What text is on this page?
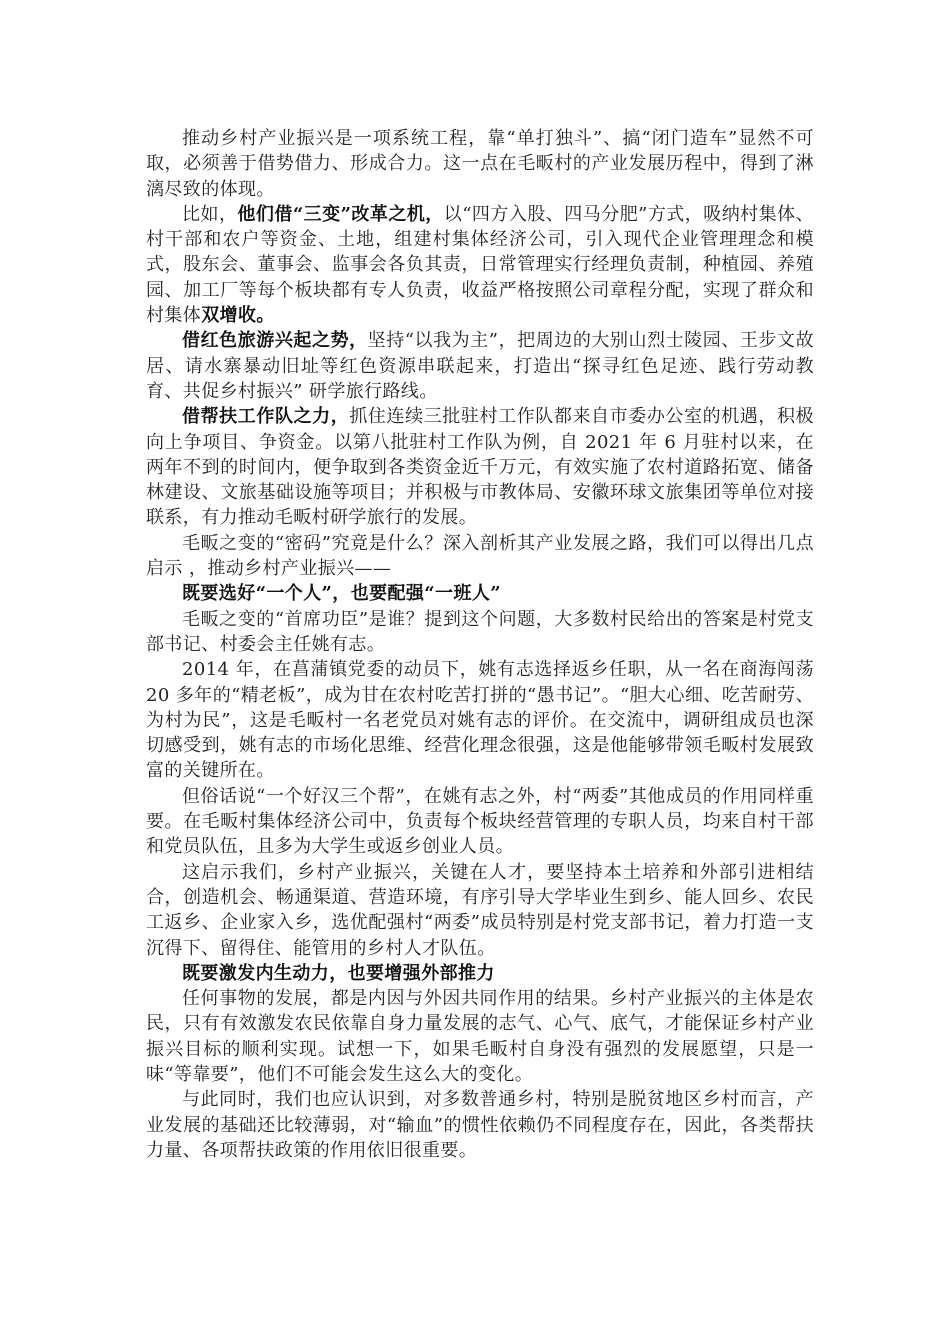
推动乡村产业振兴是一项系统工程，靠“单打独斗”、搞“闭门造车”显然不可取，必须善于借势借力、形成合力。这一点在毛畈村的产业发展历程中，得到了淋漓尽致的体现。

比如，他们借“三变”改革之机，以“四方入股、四马分肥”方式，吸纳村集体、村干部和农户等资金、土地，组建村集体经济公司，引入现代企业管理理念和模式，股东会、董事会、监事会各负其责，日常管理实行经理负责制，种植园、养殖园、加工厂等每个板块都有专人负责，收益严格按照公司章程分配，实现了群众和村集体双增收。

借红色旅游兴起之势，坚持“以我为主”，把周边的大别山烈士陵园、王步文故居、请水寨暴动旧址等红色资源串联起来，打造出“探寻红色足迹、践行劳动教育、共促乡村振兴” 研学旅行路线。

借帮扶工作队之力，抓住连续三批驻村工作队都来自市委办公室的机遇，积极向上争项目、争资金。以第八批驻村工作队为例，自 2021 年 6 月驻村以来，在两年不到的时间内，便争取到各类资金近千万元，有效实施了农村道路拓宽、储备林建设、文旅基础设施等项目；并积极与市教体局、安徽环球文旅集团等单位对接联系，有力推动毛畈村研学旅行的发展。

毛畈之变的“密码”究竟是什么？深入剖析其产业发展之路，我们可以得出几点启示 ，推动乡村产业振兴——

既要选好“一个人”，也要配强“一班人”

毛畈之变的“首席功臣”是谁？提到这个问题，大多数村民给出的答案是村党支部书记、村委会主任姚有志。

2014 年，在菖蒲镇党委的动员下，姚有志选择返乡任职，从一名在商海闯荡 20 多年的“精老板”，成为甘在农村吃苦打拼的“愚书记”。“胆大心细、吃苦耐劳、为村为民”，这是毛畈村一名老党员对姚有志的评价。在交流中，调研组成员也深切感受到，姚有志的市场化思维、经营化理念很强，这是他能够带领毛畈村发展致富的关键所在。

但俗话说“一个好汉三个帮”，在姚有志之外，村“两委”其他成员的作用同样重要。在毛畈村集体经济公司中，负责每个板块经营管理的专职人员，均来自村干部和党员队伍，且多为大学生或返乡创业人员。

这启示我们，乡村产业振兴，关键在人才，要坚持本土培养和外部引进相结合，创造机会、畅通渠道、营造环境，有序引导大学毕业生到乡、能人回乡、农民工返乡、企业家入乡，选优配强村“两委”成员特别是村党支部书记，着力打造一支沉得下、留得住、能管用的乡村人才队伍。

既要激发内生动力，也要增强外部推力

任何事物的发展，都是内因与外因共同作用的结果。乡村产业振兴的主体是农民，只有有效激发农民依靠自身力量发展的志气、心气、底气，才能保证乡村产业振兴目标的顺利实现。试想一下，如果毛畈村自身没有强烈的发展愿望，只是一味“等靠要”，他们不可能会发生这么大的变化。

与此同时，我们也应认识到，对多数普通乡村，特别是脱贫地区乡村而言，产业发展的基础还比较薄弱，对“输血”的惯性依赖仍不同程度存在，因此，各类帮扶力量、各项帮扶政策的作用依旧很重要。
